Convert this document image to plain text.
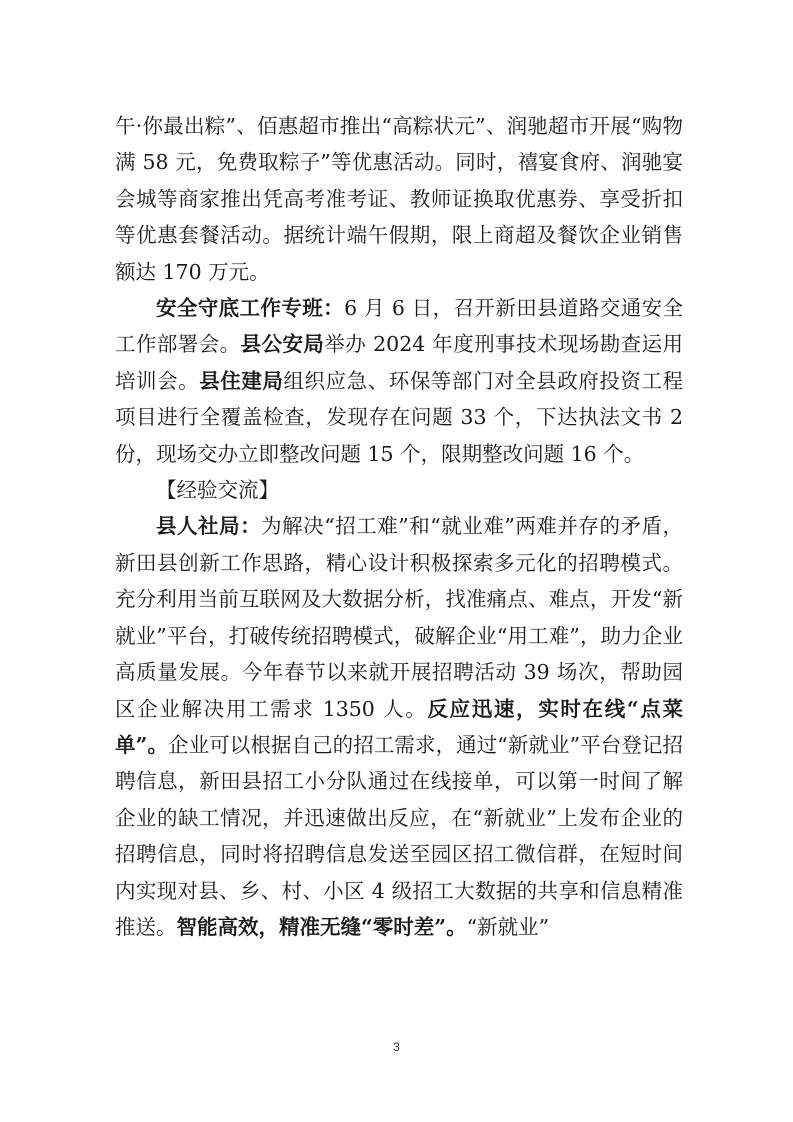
午·你最出粽”、佰惠超市推出“高粽状元”、润驰超市开展“购物满 58 元，免费取粽子”等优惠活动。同时，禧宴食府、润驰宴会城等商家推出凭高考准考证、教师证换取优惠券、享受折扣等优惠套餐活动。据统计端午假期，限上商超及餐饮企业销售额达 170 万元。

安全守底工作专班：6 月 6 日，召开新田县道路交通安全工作部署会。县公安局举办 2024 年度刑事技术现场勘查运用培训会。县住建局组织应急、环保等部门对全县政府投资工程项目进行全覆盖检查，发现存在问题 33 个，下达执法文书 2 份，现场交办立即整改问题 15 个，限期整改问题 16 个。

【经验交流】

县人社局：为解决“招工难”和“就业难”两难并存的矛盾，新田县创新工作思路，精心设计积极探索多元化的招聘模式。充分利用当前互联网及大数据分析，找准痛点、难点，开发“新就业”平台，打破传统招聘模式，破解企业“用工难”，助力企业高质量发展。今年春节以来就开展招聘活动 39 场次，帮助园区企业解决用工需求 1350 人。反应迅速，实时在线“点菜单”。企业可以根据自己的招工需求，通过“新就业”平台登记招聘信息，新田县招工小分队通过在线接单，可以第一时间了解企业的缺工情况，并迅速做出反应，在“新就业”上发布企业的招聘信息，同时将招聘信息发送至园区招工微信群，在短时间内实现对县、乡、村、小区 4 级招工大数据的共享和信息精准推送。智能高效，精准无缝“零时差”。“新就业”

3
